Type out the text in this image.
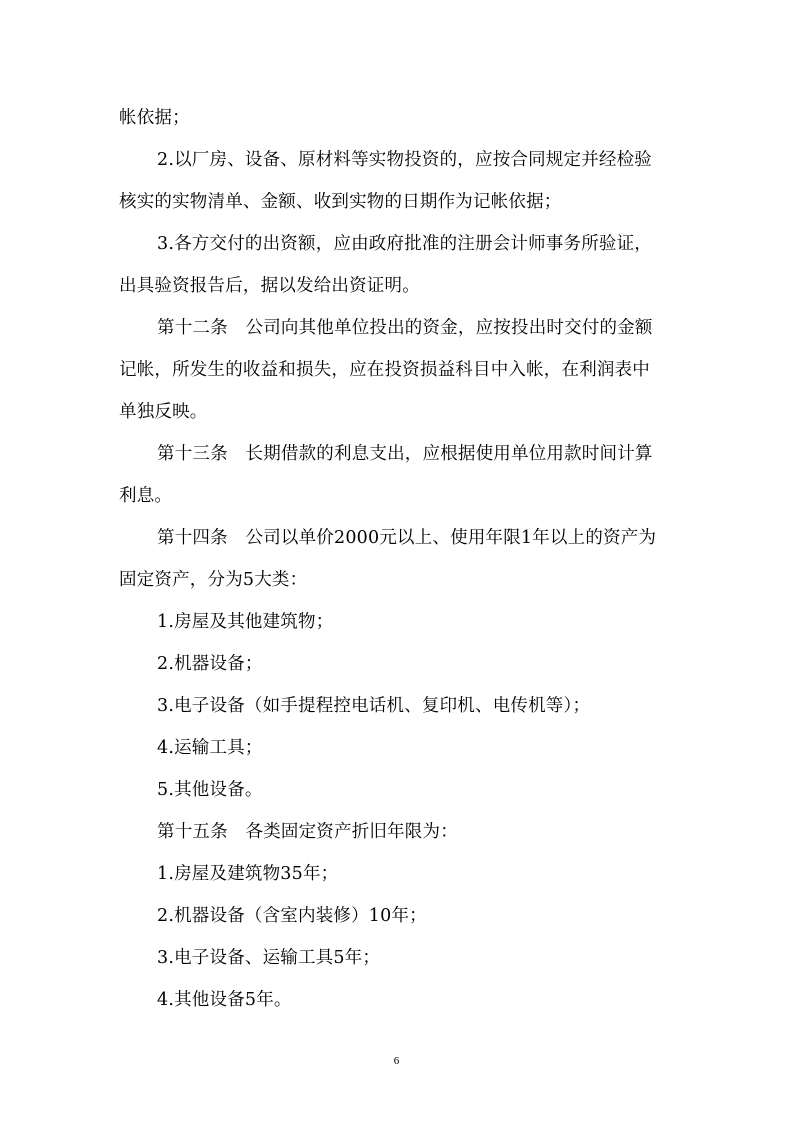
帐依据；
2.以厂房、设备、原材料等实物投资的，应按合同规定并经检验
核实的实物清单、金额、收到实物的日期作为记帐依据；
3.各方交付的出资额，应由政府批准的注册会计师事务所验证，
出具验资报告后，据以发给出资证明。
第十二条　公司向其他单位投出的资金，应按投出时交付的金额
记帐，所发生的收益和损失，应在投资损益科目中入帐，在利润表中
单独反映。
第十三条　长期借款的利息支出，应根据使用单位用款时间计算
利息。
第十四条　公司以单价2000元以上、使用年限1年以上的资产为
固定资产，分为5大类：
1.房屋及其他建筑物；
2.机器设备；
3.电子设备（如手提程控电话机、复印机、电传机等）；
4.运输工具；
5.其他设备。
第十五条　各类固定资产折旧年限为：
1.房屋及建筑物35年；
2.机器设备（含室内装修）10年；
3.电子设备、运输工具5年；
4.其他设备5年。
6
